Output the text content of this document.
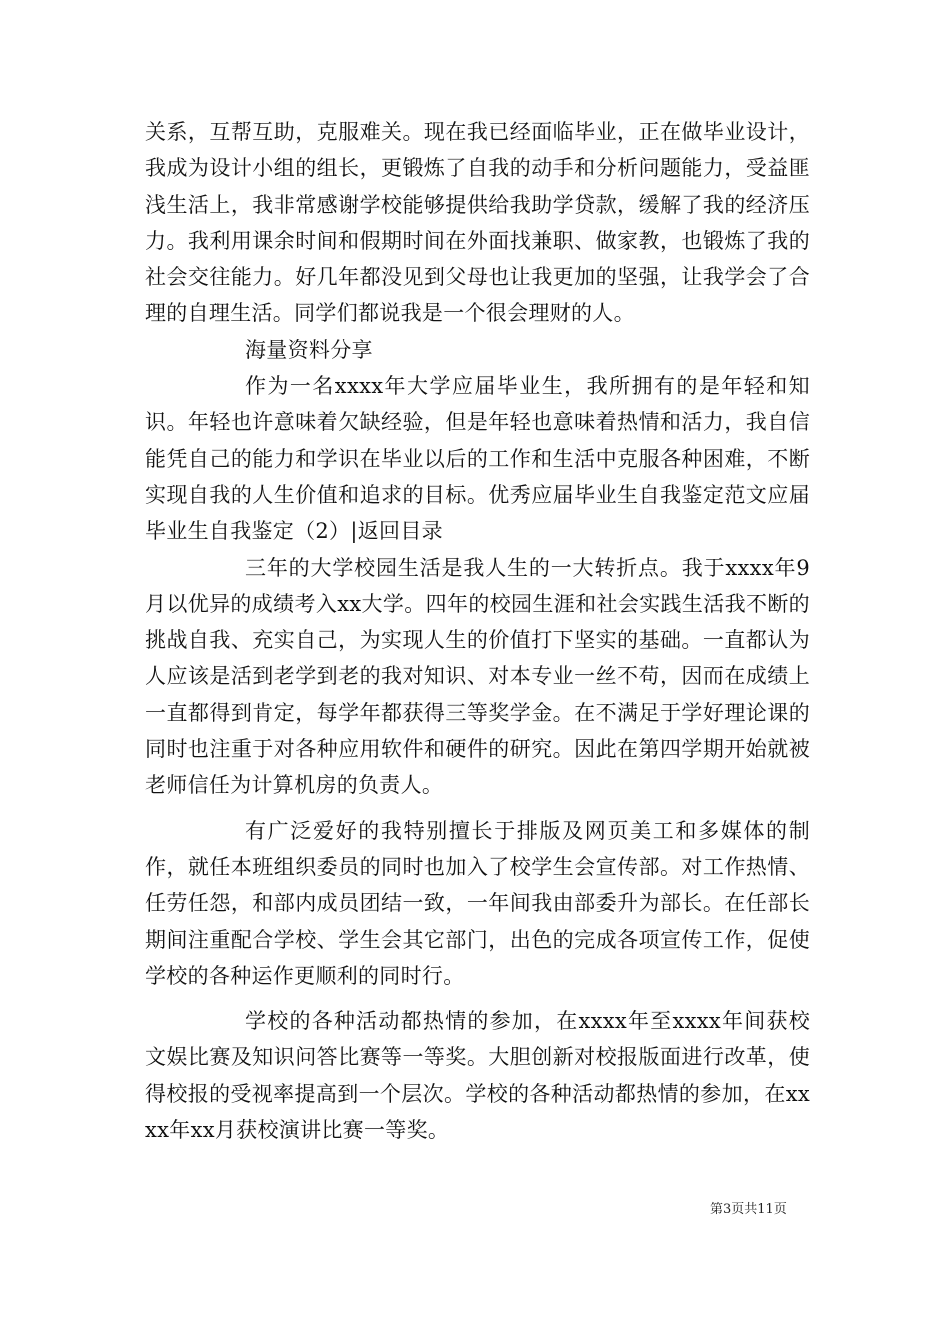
关系，互帮互助，克服难关。现在我已经面临毕业，正在做毕业设计，我成为设计小组的组长，更锻炼了自我的动手和分析问题能力，受益匪浅生活上，我非常感谢学校能够提供给我助学贷款，缓解了我的经济压力。我利用课余时间和假期时间在外面找兼职、做家教，也锻炼了我的社会交往能力。好几年都没见到父母也让我更加的坚强，让我学会了合理的自理生活。同学们都说我是一个很会理财的人。

海量资料分享

作为一名xxxx年大学应届毕业生，我所拥有的是年轻和知识。年轻也许意味着欠缺经验，但是年轻也意味着热情和活力，我自信能凭自己的能力和学识在毕业以后的工作和生活中克服各种困难，不断实现自我的人生价值和追求的目标。优秀应届毕业生自我鉴定范文应届毕业生自我鉴定（2）|返回目录

三年的大学校园生活是我人生的一大转折点。我于xxxx年9月以优异的成绩考入xx大学。四年的校园生涯和社会实践生活我不断的挑战自我、充实自己，为实现人生的价值打下坚实的基础。一直都认为人应该是活到老学到老的我对知识、对本专业一丝不苟，因而在成绩上一直都得到肯定，每学年都获得三等奖学金。在不满足于学好理论课的同时也注重于对各种应用软件和硬件的研究。因此在第四学期开始就被老师信任为计算机房的负责人。

有广泛爱好的我特别擅长于排版及网页美工和多媒体的制作，就任本班组织委员的同时也加入了校学生会宣传部。对工作热情、任劳任怨，和部内成员团结一致，一年间我由部委升为部长。在任部长期间注重配合学校、学生会其它部门，出色的完成各项宣传工作，促使学校的各种运作更顺利的同时行。

学校的各种活动都热情的参加，在xxxx年至xxxx年间获校文娱比赛及知识问答比赛等一等奖。大胆创新对校报版面进行改革，使得校报的受视率提高到一个层次。学校的各种活动都热情的参加，在xxxx年xx月获校演讲比赛一等奖。

第3页共11页
